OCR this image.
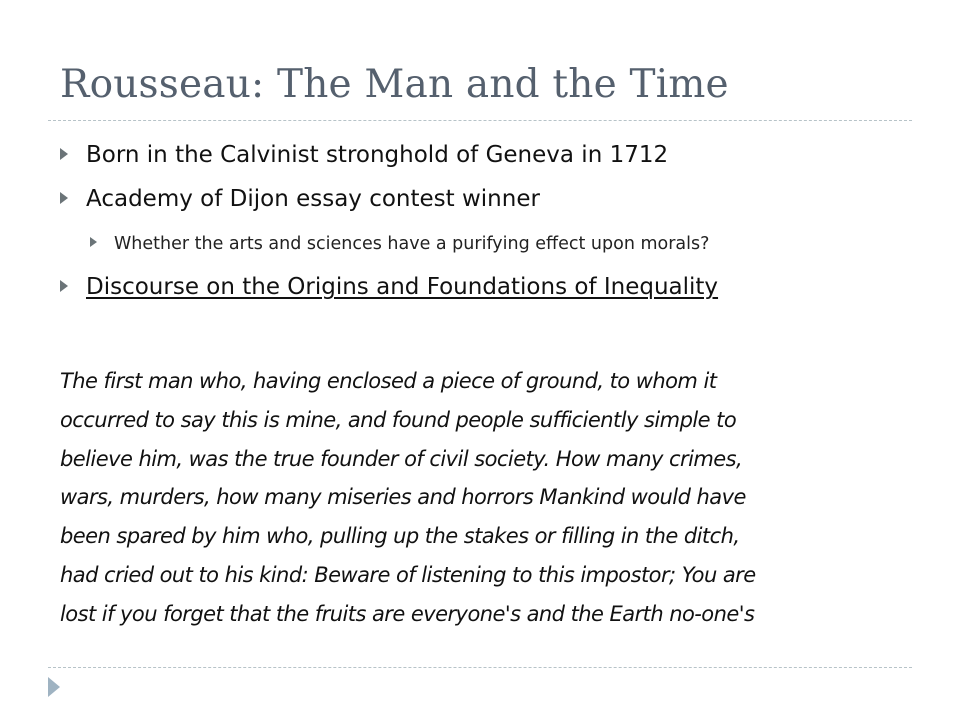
Rousseau: The Man and the Time
Born in the Calvinist stronghold of Geneva in 1712
Academy of Dijon essay contest winner
Whether the arts and sciences have a purifying effect upon morals?
Discourse on the Origins and Foundations of Inequality

The first man who, having enclosed a piece of ground, to whom it
occurred to say this is mine, and found people sufficiently simple to
believe him, was the true founder of civil society. How many crimes,
wars, murders, how many miseries and horrors Mankind would have
been spared by him who, pulling up the stakes or filling in the ditch,
had cried out to his kind: Beware of listening to this impostor; You are
lost if you forget that the fruits are everyone's and the Earth no-one's
